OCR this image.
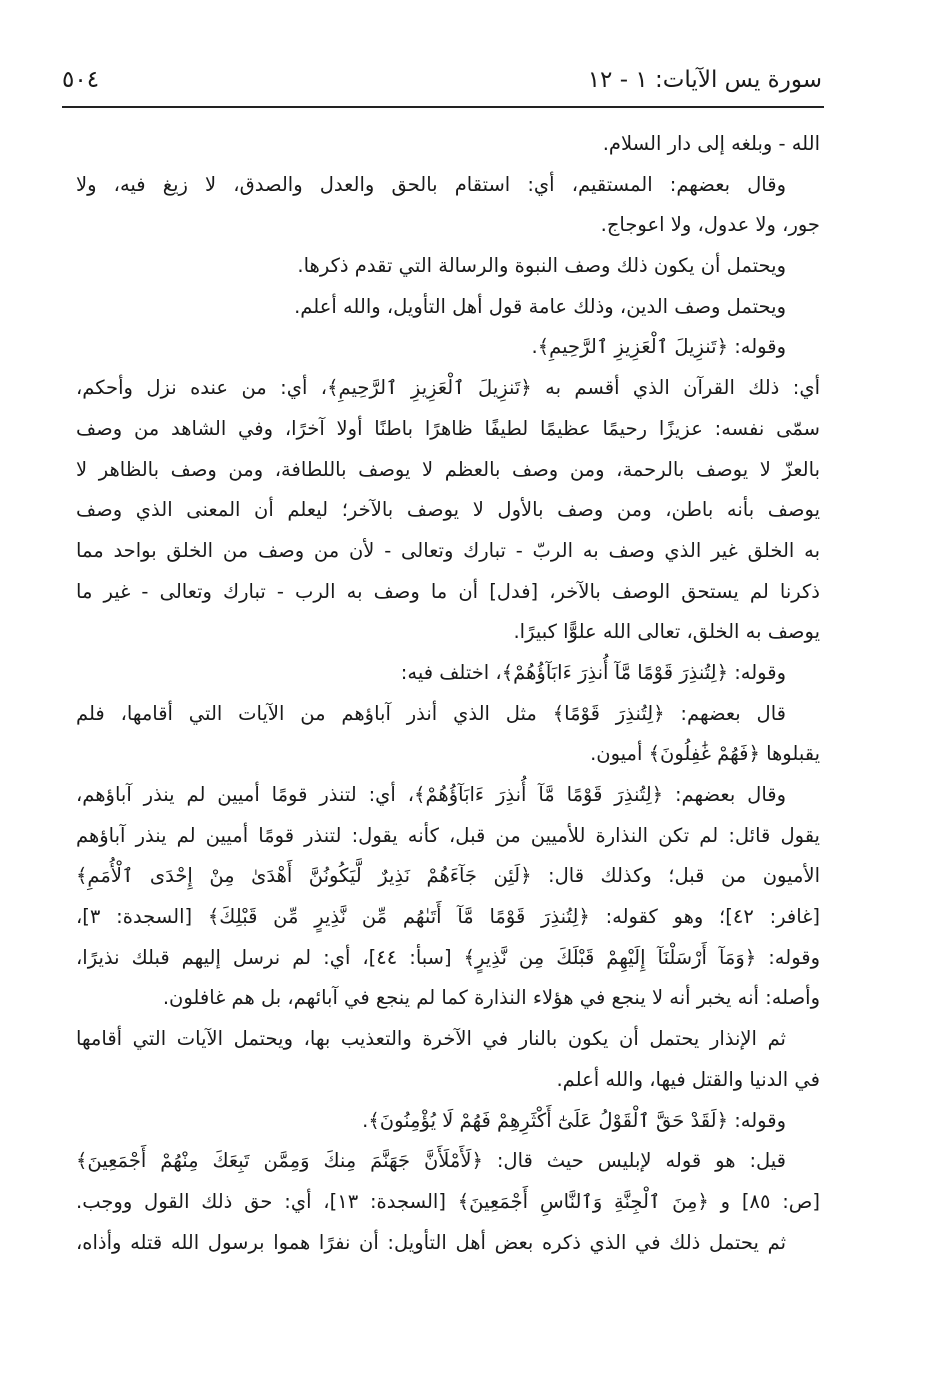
٥٠٤	سورة يس الآيات: ١ - ١٢
الله - وبلغه إلى دار السلام.
وقال بعضهم: المستقيم، أي: استقام بالحق والعدل والصدق، لا زيغ فيه، ولا
جور، ولا عدول، ولا اعوجاج.
ويحتمل أن يكون ذلك وصف النبوة والرسالة التي تقدم ذكرها.
ويحتمل وصف الدين، وذلك عامة قول أهل التأويل، والله أعلم.
وقوله: ﴿تَنزِيلَ ٱلْعَزِيزِ ٱلرَّحِيمِ﴾.
أي: ذلك القرآن الذي أقسم به ﴿تَنزِيلَ ٱلْعَزِيزِ ٱلرَّحِيمِ﴾، أي: من عنده نزل وأحكم،
سمّى نفسه: عزيزًا رحيمًا عظيمًا لطيفًا ظاهرًا باطنًا أولا آخرًا، وفي الشاهد من وصف
بالعزّ لا يوصف بالرحمة، ومن وصف بالعظم لا يوصف باللطافة، ومن وصف بالظاهر لا
يوصف بأنه باطن، ومن وصف بالأول لا يوصف بالآخر؛ ليعلم أن المعنى الذي وصف
به الخلق غير الذي وصف به الربّ - تبارك وتعالى - لأن من وصف من الخلق بواحد مما
ذكرنا لم يستحق الوصف بالآخر، [فدل] أن ما وصف به الرب - تبارك وتعالى - غير ما
يوصف به الخلق، تعالى الله علوًّا كبيرًا.
وقوله: ﴿لِتُنذِرَ قَوْمًا مَّآ أُنذِرَ ءَابَآؤُهُمْ﴾، اختلف فيه:
قال بعضهم: ﴿لِتُنذِرَ قَوْمًا﴾ مثل الذي أنذر آباؤهم من الآيات التي أقامها، فلم
يقبلوها ﴿فَهُمْ غَٰفِلُونَ﴾ أميون.
وقال بعضهم: ﴿لِتُنذِرَ قَوْمًا مَّآ أُنذِرَ ءَابَآؤُهُمْ﴾، أي: لتنذر قومًا أميين لم ينذر آباؤهم،
يقول قائل: لم تكن النذارة للأميين من قبل، كأنه يقول: لتنذر قومًا أميين لم ينذر آباؤهم
الأميون من قبل؛ وكذلك قال: ﴿لَئِن جَآءَهُمْ نَذِيرٌ لَّيَكُونُنَّ أَهْدَىٰ مِنْ إِحْدَى ٱلْأُمَمِ﴾
[غافر: ٤٢]؛ وهو كقوله: ﴿لِتُنذِرَ قَوْمًا مَّآ أَتَىٰهُم مِّن نَّذِيرٍ مِّن قَبْلِكَ﴾ [السجدة: ٣]،
وقوله: ﴿وَمَآ أَرْسَلْنَآ إِلَيْهِمْ قَبْلَكَ مِن نَّذِيرٍ﴾ [سبأ: ٤٤]، أي: لم نرسل إليهم قبلك نذيرًا،
وأصله: أنه يخبر أنه لا ينجع في هؤلاء النذارة كما لم ينجع في آبائهم، بل هم غافلون.
ثم الإنذار يحتمل أن يكون بالنار في الآخرة والتعذيب بها، ويحتمل الآيات التي أقامها
في الدنيا والقتل فيها، والله أعلم.
وقوله: ﴿لَقَدْ حَقَّ ٱلْقَوْلُ عَلَىٰٓ أَكْثَرِهِمْ فَهُمْ لَا يُؤْمِنُونَ﴾.
قيل: هو قوله لإبليس حيث قال: ﴿لَأَمْلَأَنَّ جَهَنَّمَ مِنكَ وَمِمَّن تَبِعَكَ مِنْهُمْ أَجْمَعِينَ﴾
[ص: ٨٥] و ﴿مِنَ ٱلْجِنَّةِ وَٱلنَّاسِ أَجْمَعِينَ﴾ [السجدة: ١٣]، أي: حق ذلك القول ووجب.
ثم يحتمل ذلك في الذي ذكره بعض أهل التأويل: أن نفرًا هموا برسول الله قتله وأذاه،
